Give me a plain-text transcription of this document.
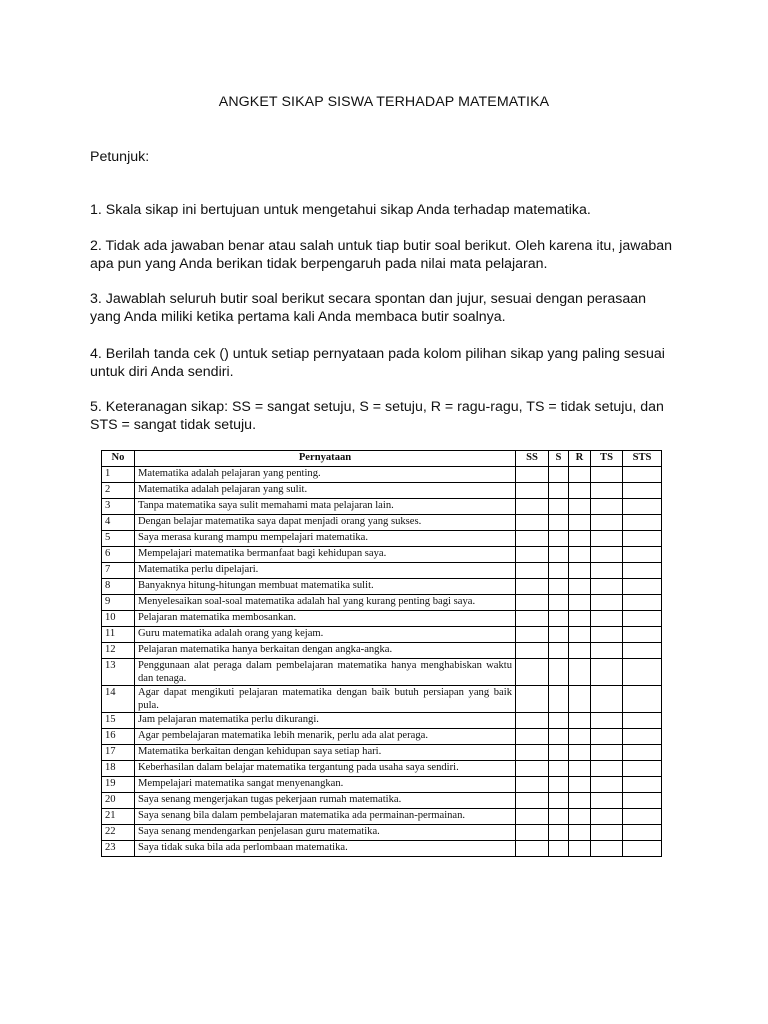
ANGKET SIKAP SISWA TERHADAP MATEMATIKA
Petunjuk:
1. Skala sikap ini bertujuan untuk mengetahui sikap Anda terhadap matematika.
2. Tidak ada jawaban benar atau salah untuk tiap butir soal berikut. Oleh karena itu, jawaban apa pun yang Anda berikan tidak berpengaruh pada nilai mata pelajaran.
3. Jawablah seluruh butir soal berikut secara spontan dan jujur, sesuai dengan perasaan yang Anda miliki ketika pertama kali Anda membaca butir soalnya.
4. Berilah tanda cek () untuk setiap pernyataan pada kolom pilihan sikap yang paling sesuai untuk diri Anda sendiri.
5. Keteranagan sikap: SS = sangat setuju, S = setuju, R = ragu-ragu, TS = tidak setuju, dan STS = sangat tidak setuju.
No	Pernyataan	SS	S	R	TS	STS
1	Matematika adalah pelajaran yang penting.					
2	Matematika adalah pelajaran yang sulit.					
3	Tanpa matematika saya sulit memahami mata pelajaran lain.					
4	Dengan belajar matematika saya dapat menjadi orang yang sukses.					
5	Saya merasa kurang mampu mempelajari matematika.					
6	Mempelajari matematika bermanfaat bagi kehidupan saya.					
7	Matematika perlu dipelajari.					
8	Banyaknya hitung-hitungan membuat matematika sulit.					
9	Menyelesaikan soal-soal matematika adalah hal yang kurang penting bagi saya.					
10	Pelajaran matematika membosankan.					
11	Guru matematika adalah orang yang kejam.					
12	Pelajaran matematika hanya berkaitan dengan angka-angka.					
13	Penggunaan alat peraga dalam pembelajaran matematika hanya menghabiskan waktu dan tenaga.					
14	Agar dapat mengikuti pelajaran matematika dengan baik butuh persiapan yang baik pula.					
15	Jam pelajaran matematika perlu dikurangi.					
16	Agar pembelajaran matematika lebih menarik, perlu ada alat peraga.					
17	Matematika berkaitan dengan kehidupan saya setiap hari.					
18	Keberhasilan dalam belajar matematika tergantung pada usaha saya sendiri.					
19	Mempelajari matematika sangat menyenangkan.					
20	Saya senang mengerjakan tugas pekerjaan rumah matematika.					
21	Saya senang bila dalam pembelajaran matematika ada permainan-permainan.					
22	Saya senang mendengarkan penjelasan guru matematika.					
23	Saya tidak suka bila ada perlombaan matematika.					
